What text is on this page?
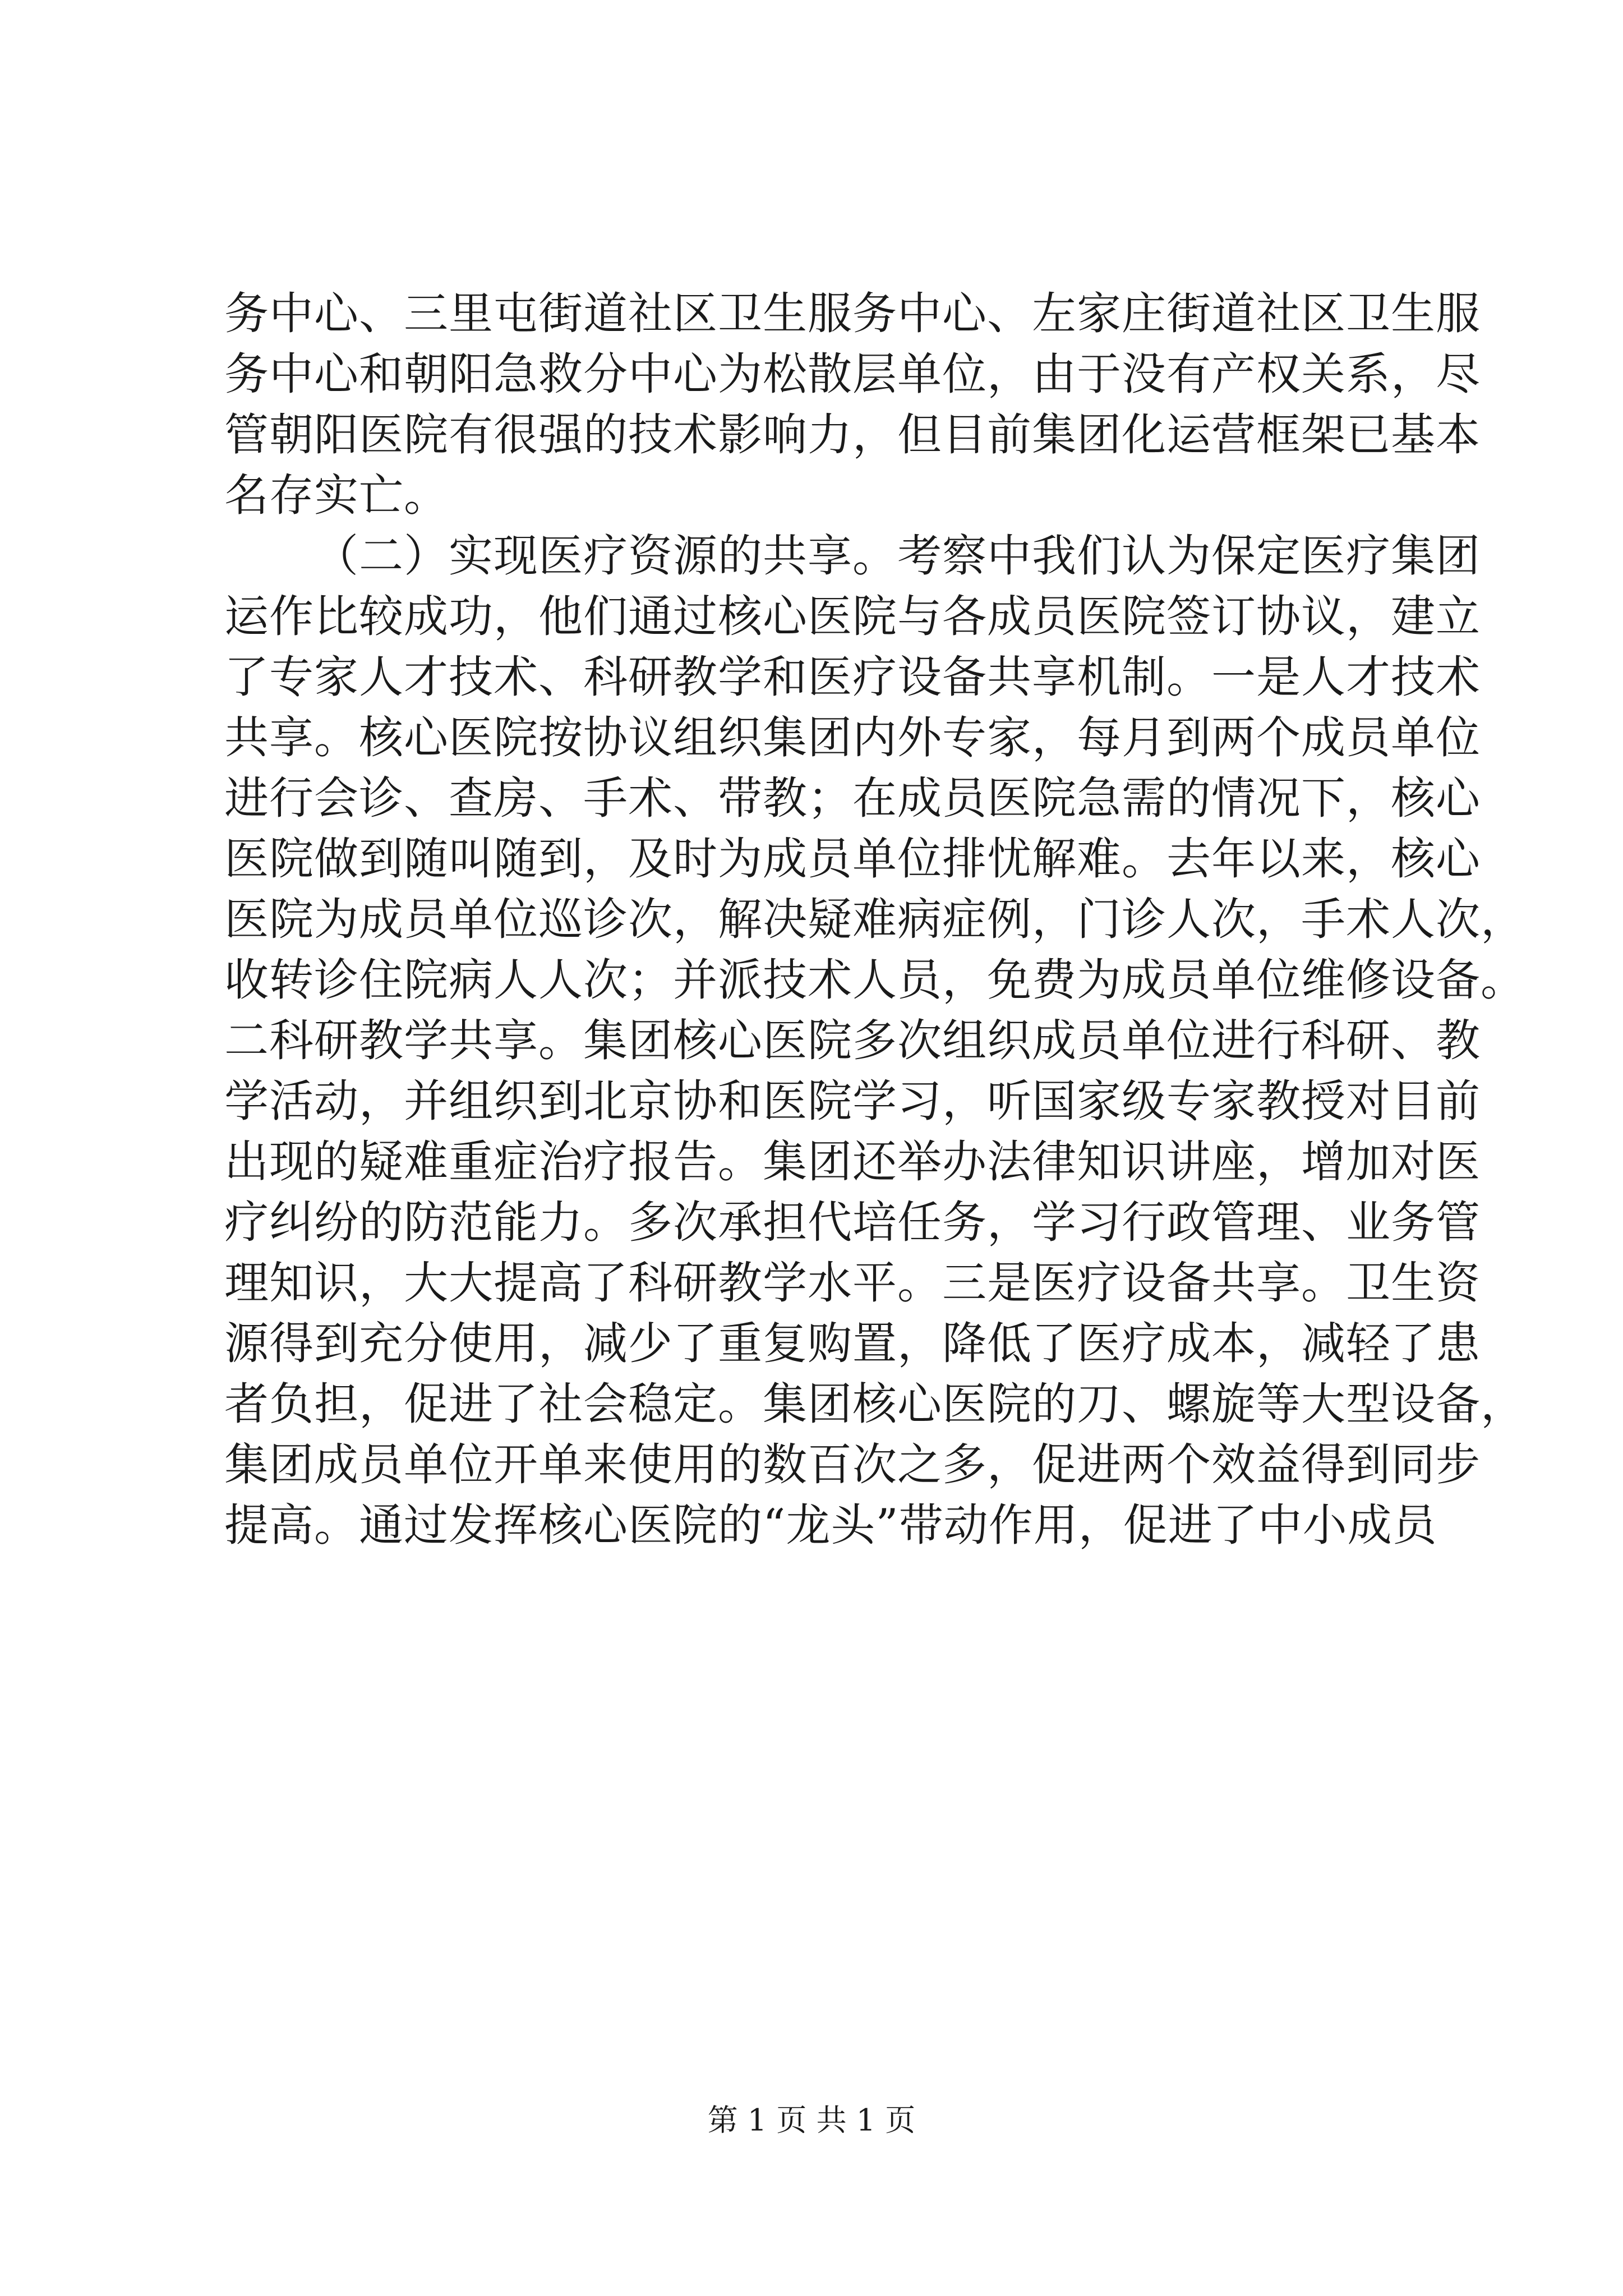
务中心、三里屯街道社区卫生服务中心、左家庄街道社区卫生服
务中心和朝阳急救分中心为松散层单位，由于没有产权关系，尽
管朝阳医院有很强的技术影响力，但目前集团化运营框架已基本
名存实亡。
（二）实现医疗资源的共享。考察中我们认为保定医疗集团
运作比较成功，他们通过核心医院与各成员医院签订协议，建立
了专家人才技术、科研教学和医疗设备共享机制。一是人才技术
共享。核心医院按协议组织集团内外专家，每月到两个成员单位
进行会诊、查房、手术、带教；在成员医院急需的情况下，核心
医院做到随叫随到，及时为成员单位排忧解难。去年以来，核心
医院为成员单位巡诊次，解决疑难病症例，门诊人次，手术人次，
收转诊住院病人人次；并派技术人员，免费为成员单位维修设备。
二科研教学共享。集团核心医院多次组织成员单位进行科研、教
学活动，并组织到北京协和医院学习，听国家级专家教授对目前
出现的疑难重症治疗报告。集团还举办法律知识讲座，增加对医
疗纠纷的防范能力。多次承担代培任务，学习行政管理、业务管
理知识，大大提高了科研教学水平。三是医疗设备共享。卫生资
源得到充分使用，减少了重复购置，降低了医疗成本，减轻了患
者负担，促进了社会稳定。集团核心医院的刀、螺旋等大型设备，
集团成员单位开单来使用的数百次之多，促进两个效益得到同步
提高。通过发挥核心医院的“龙头”带动作用，促进了中小成员
第 1 页 共 1 页
